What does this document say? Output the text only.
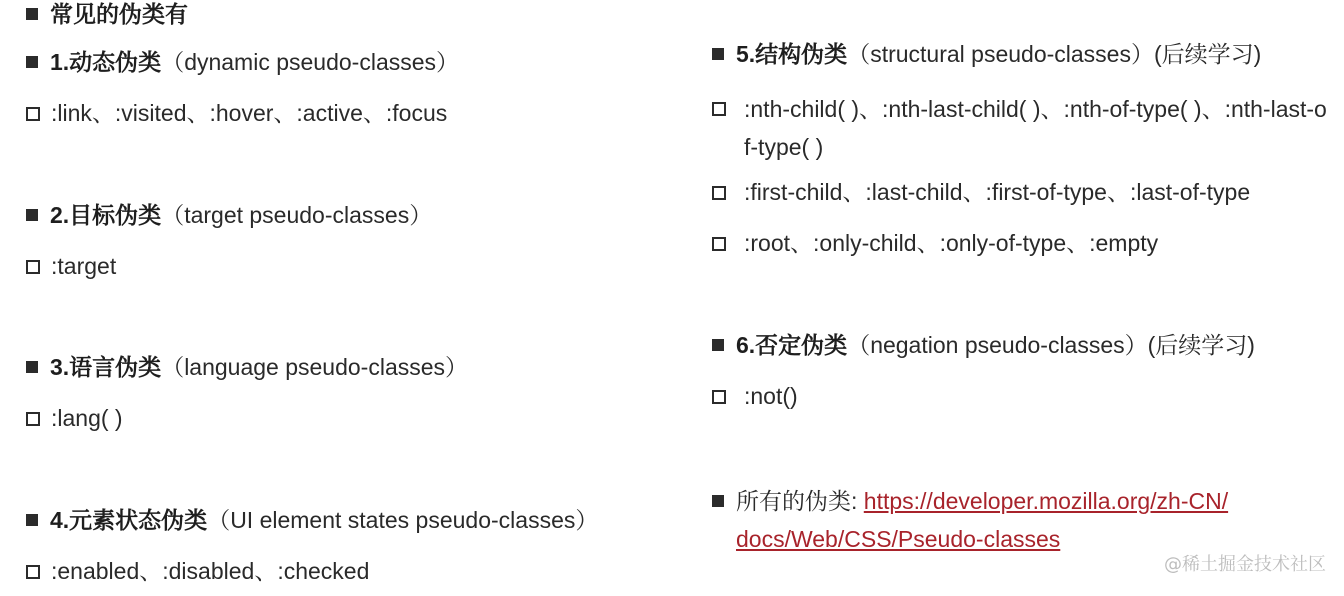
常见的伪类有
1.动态伪类 （dynamic pseudo-classes）
:link、:visited、:hover、:active、:focus
2.目标伪类 （target pseudo-classes）
:target
3.语言伪类 （language pseudo-classes）
:lang( )
4.元素状态伪类 （UI element states pseudo-classes）
:enabled、:disabled、:checked
5.结构伪类 （structural pseudo-classes）(后续学习)
:nth-child( )、:nth-last-child( )、:nth-of-type( )、:nth-last-of-type( )
:first-child、:last-child、:first-of-type、:last-of-type
:root、:only-child、:only-of-type、:empty
6.否定伪类 （negation pseudo-classes）(后续学习)
:not()
所有的伪类: https://developer.mozilla.org/zh-CN/docs/Web/CSS/Pseudo-classes
@稀土掘金技术社区
